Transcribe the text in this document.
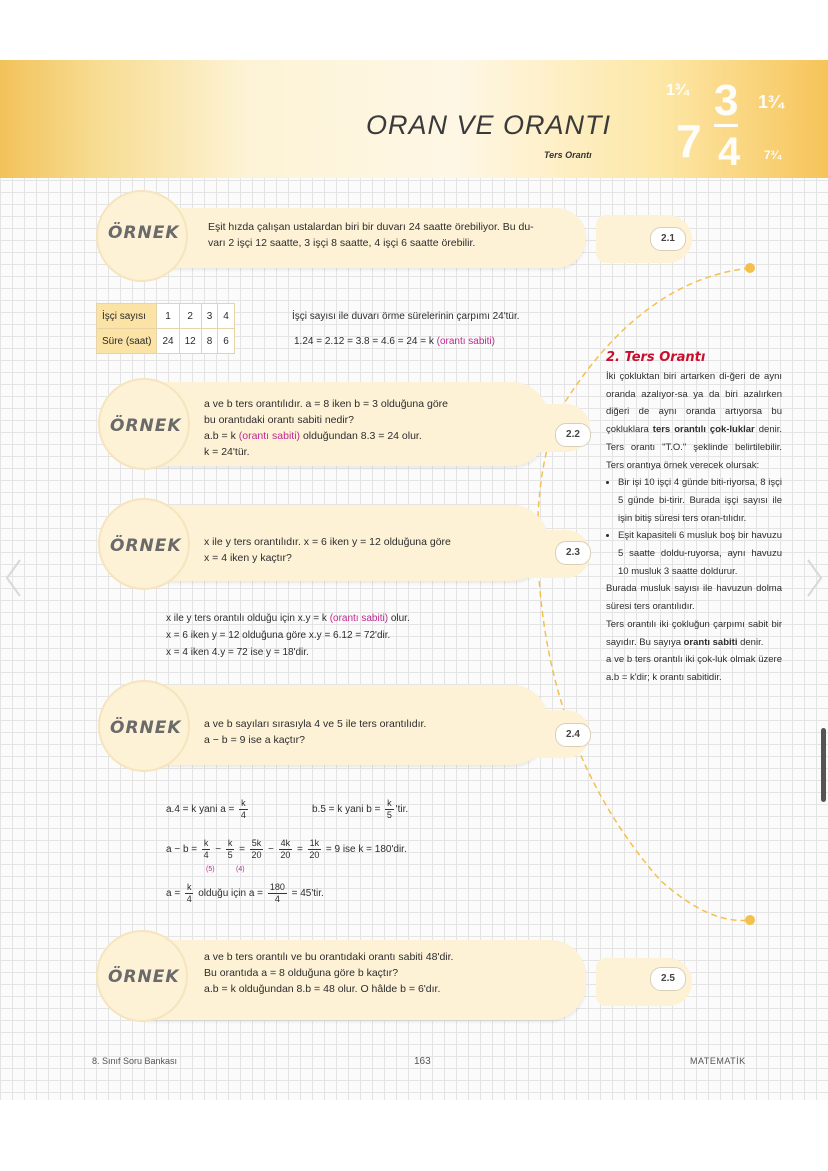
ORAN VE ORANTI
Ters Orantı
1³⁄₄
7
3
4
1³⁄₄
7³⁄₄
ÖRNEK	Eşit hızda çalışan ustalardan biri bir duvarı 24 saatte örebiliyor. Bu du-
varı 2 işçi 12 saatte, 3 işçi 8 saatte, 4 işçi 6 saatte örebilir.	2.1
İşçi sayısı	1	2	3	4
Süre (saat)	24	12	8	6
İşçi sayısı ile duvarı örme sürelerinin çarpımı 24'tür.
1.24 = 2.12 = 3.8 = 4.6 = 24 = k (orantı sabiti)
ÖRNEK
a ve b ters orantılıdır. a = 8 iken b = 3 olduğuna göre
bu orantıdaki orantı sabiti nedir?
a.b = k (orantı sabiti) olduğundan 8.3 = 24 olur.
k = 24'tür.
2.2
ÖRNEK x ile y ters orantılıdır. x = 6 iken y = 12 olduğuna göre
x = 4 iken y kaçtır?	2.3
x ile y ters orantılı olduğu için x.y = k (orantı sabiti) olur.
x = 6 iken y = 12 olduğuna göre x.y = 6.12 = 72'dir.
x = 4 iken 4.y = 72 ise y = 18'dir.
ÖRNEK a ve b sayıları sırasıyla 4 ve 5 ile ters orantılıdır.
a − b = 9 ise a kaçtır?	2.4
a.4 = k yani $a = \frac{k}{4}$	b.5 = k yani $b = \frac{k}{5}$ 'tir.
$a - b = \frac{k}{4} - \frac{k}{5} = \frac{5k}{20} - \frac{4k}{20} = \frac{1k}{20} = 9$ ise k = 180'dir.
(5)	(4)
$a = \frac{k}{4}$ olduğu için $a = \frac{180}{4} = 45'tir$.
ÖRNEK
a ve b ters orantılı ve bu orantıdaki orantı sabiti 48'dir.
Bu orantıda a = 8 olduğuna göre b kaçtır?
a.b = k olduğundan 8.b = 48 olur. O hâlde b = 6'dır.
2.5
2. Ters Orantı

İki çokluktan biri artarken di-ğeri de aynı oranda azalıyor-sa ya da biri azalırken diğeri de aynı oranda artıyorsa bu çokluklara ters orantılı çok-luklar denir. Ters orantı "T.O." şeklinde belirtilebilir. Ters orantıya örnek verecek olursak:

• Bir işi 10 işçi 4 günde biti-riyorsa, 8 işçi 5 günde bi-tirir. Burada işçi sayısı ile işin bitiş süresi ters oran-tılıdır.
• Eşit kapasiteli 6 musluk boş bir havuzu 5 saatte doldu-ruyorsa, aynı havuzu 10 musluk 3 saatte doldurur.

Burada musluk sayısı ile havuzun dolma süresi ters orantılıdır.

Ters orantılı iki çokluğun çarpımı sabit bir sayıdır. Bu sayıya orantı sabiti denir.

a ve b ters orantılı iki çok-luk olmak üzere a.b = k'dir; k orantı sabitidir.

8. Sınıf Soru Bankası	163	MATEMATİK
